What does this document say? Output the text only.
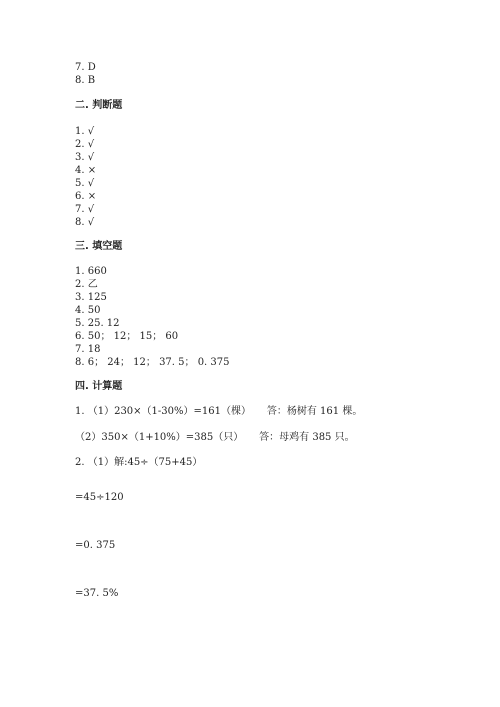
7. D
8. B
二. 判断题
1. √
2. √
3. √
4. ×
5. √
6. ×
7. √
8. √
三. 填空题
1. 660
2. 乙
3. 125
4. 50
5. 25. 12
6. 50； 12； 15； 60
7. 18
8. 6； 24； 12； 37. 5； 0. 375
四. 计算题
1. （1）230×（1-30%）=161（棵）     答：杨树有 161 棵。
（2）350×（1+10%）=385（只）     答：母鸡有 385 只。
2. （1）解:45÷（75+45）
=45÷120
=0. 375
=37. 5%
